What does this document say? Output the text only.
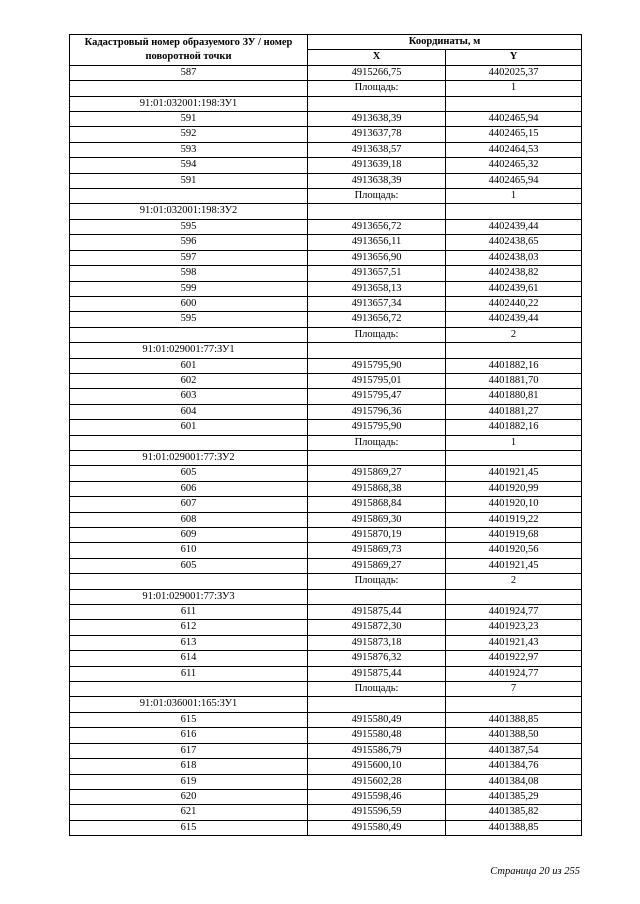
Кадастровый номер образуемого ЗУ / номер поворотной точки	Координаты, м	
	X	Y
587	4915266,75	4402025,37
	Площадь:	1
91:01:032001:198:ЗУ1		
591	4913638,39	4402465,94
592	4913637,78	4402465,15
593	4913638,57	4402464,53
594	4913639,18	4402465,32
591	4913638,39	4402465,94
	Площадь:	1
91:01:032001:198:ЗУ2		
595	4913656,72	4402439,44
596	4913656,11	4402438,65
597	4913656,90	4402438,03
598	4913657,51	4402438,82
599	4913658,13	4402439,61
600	4913657,34	4402440,22
595	4913656,72	4402439,44
	Площадь:	2
91:01:029001:77:ЗУ1		
601	4915795,90	4401882,16
602	4915795,01	4401881,70
603	4915795,47	4401880,81
604	4915796,36	4401881,27
601	4915795,90	4401882,16
	Площадь:	1
91:01:029001:77:ЗУ2		
605	4915869,27	4401921,45
606	4915868,38	4401920,99
607	4915868,84	4401920,10
608	4915869,30	4401919,22
609	4915870,19	4401919,68
610	4915869,73	4401920,56
605	4915869,27	4401921,45
	Площадь:	2
91:01:029001:77:ЗУ3		
611	4915875,44	4401924,77
612	4915872,30	4401923,23
613	4915873,18	4401921,43
614	4915876,32	4401922,97
611	4915875,44	4401924,77
	Площадь:	7
91:01:036001:165:ЗУ1		
615	4915580,49	4401388,85
616	4915580,48	4401388,50
617	4915586,79	4401387,54
618	4915600,10	4401384,76
619	4915602,28	4401384,08
620	4915598,46	4401385,29
621	4915596,59	4401385,82
615	4915580,49	4401388,85
Страница 20 из 255
